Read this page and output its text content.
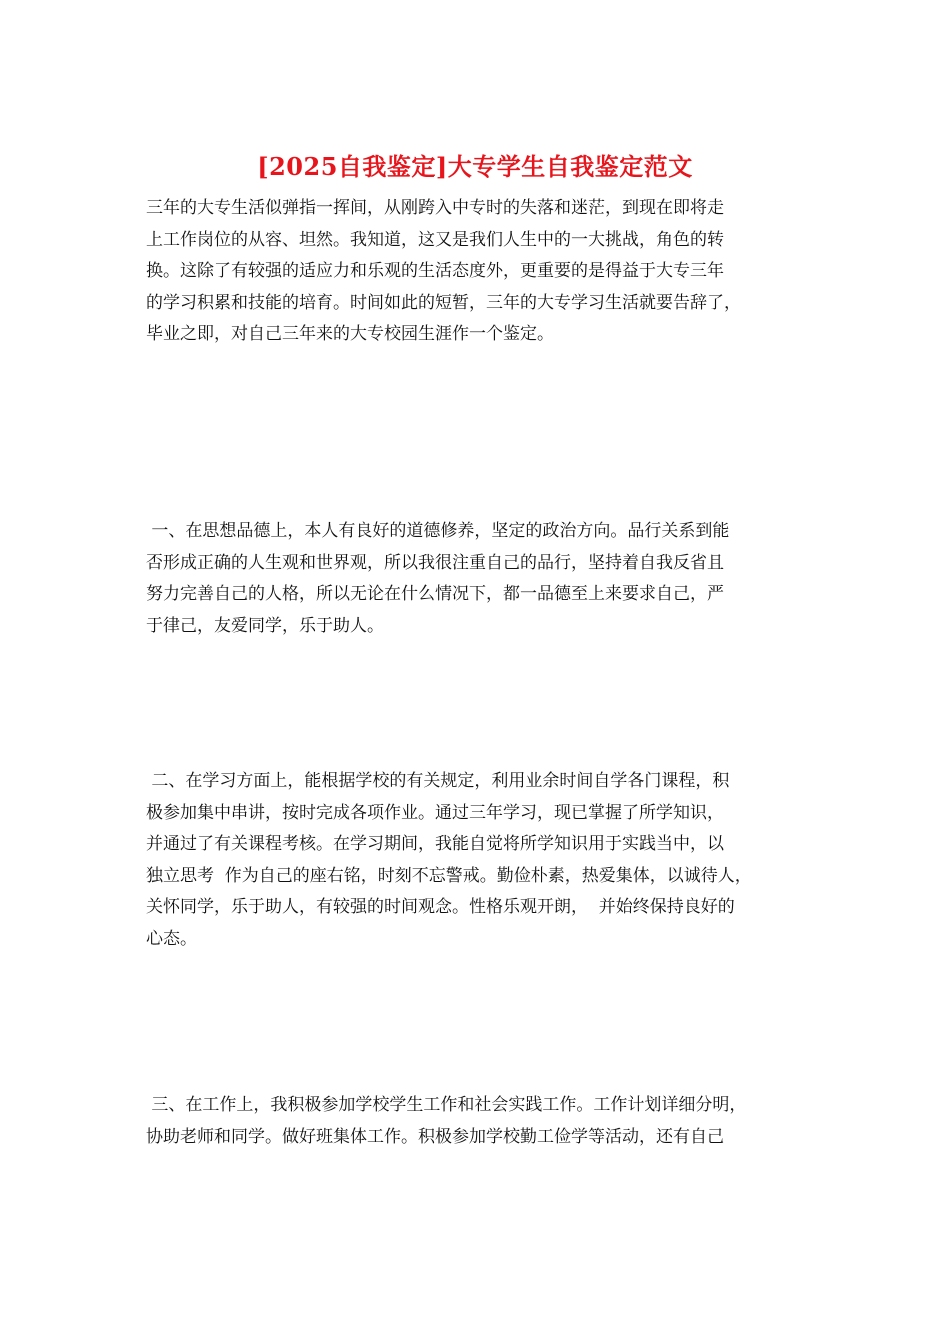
[2025自我鉴定]大专学生自我鉴定范文
三年的大专生活似弹指一挥间，从刚跨入中专时的失落和迷茫，到现在即将走
上工作岗位的从容、坦然。我知道，这又是我们人生中的一大挑战，角色的转
换。这除了有较强的适应力和乐观的生活态度外，更重要的是得益于大专三年
的学习积累和技能的培育。时间如此的短暂，三年的大专学习生活就要告辞了，
毕业之即，对自己三年来的大专校园生涯作一个鉴定。
一、在思想品德上，本人有良好的道德修养，坚定的政治方向。品行关系到能
否形成正确的人生观和世界观，所以我很注重自己的品行，坚持着自我反省且
努力完善自己的人格，所以无论在什么情况下，都一品德至上来要求自己，严
于律己，友爱同学，乐于助人。
二、在学习方面上，能根据学校的有关规定，利用业余时间自学各门课程，积
极参加集中串讲，按时完成各项作业。通过三年学习，现已掌握了所学知识，
并通过了有关课程考核。在学习期间，我能自觉将所学知识用于实践当中，以
独立思考  作为自己的座右铭，时刻不忘警戒。勤俭朴素，热爱集体，以诚待人，
关怀同学，乐于助人，有较强的时间观念。性格乐观开朗，  并始终保持良好的
心态。
三、在工作上，我积极参加学校学生工作和社会实践工作。工作计划详细分明，
协助老师和同学。做好班集体工作。积极参加学校勤工俭学等活动，还有自己
